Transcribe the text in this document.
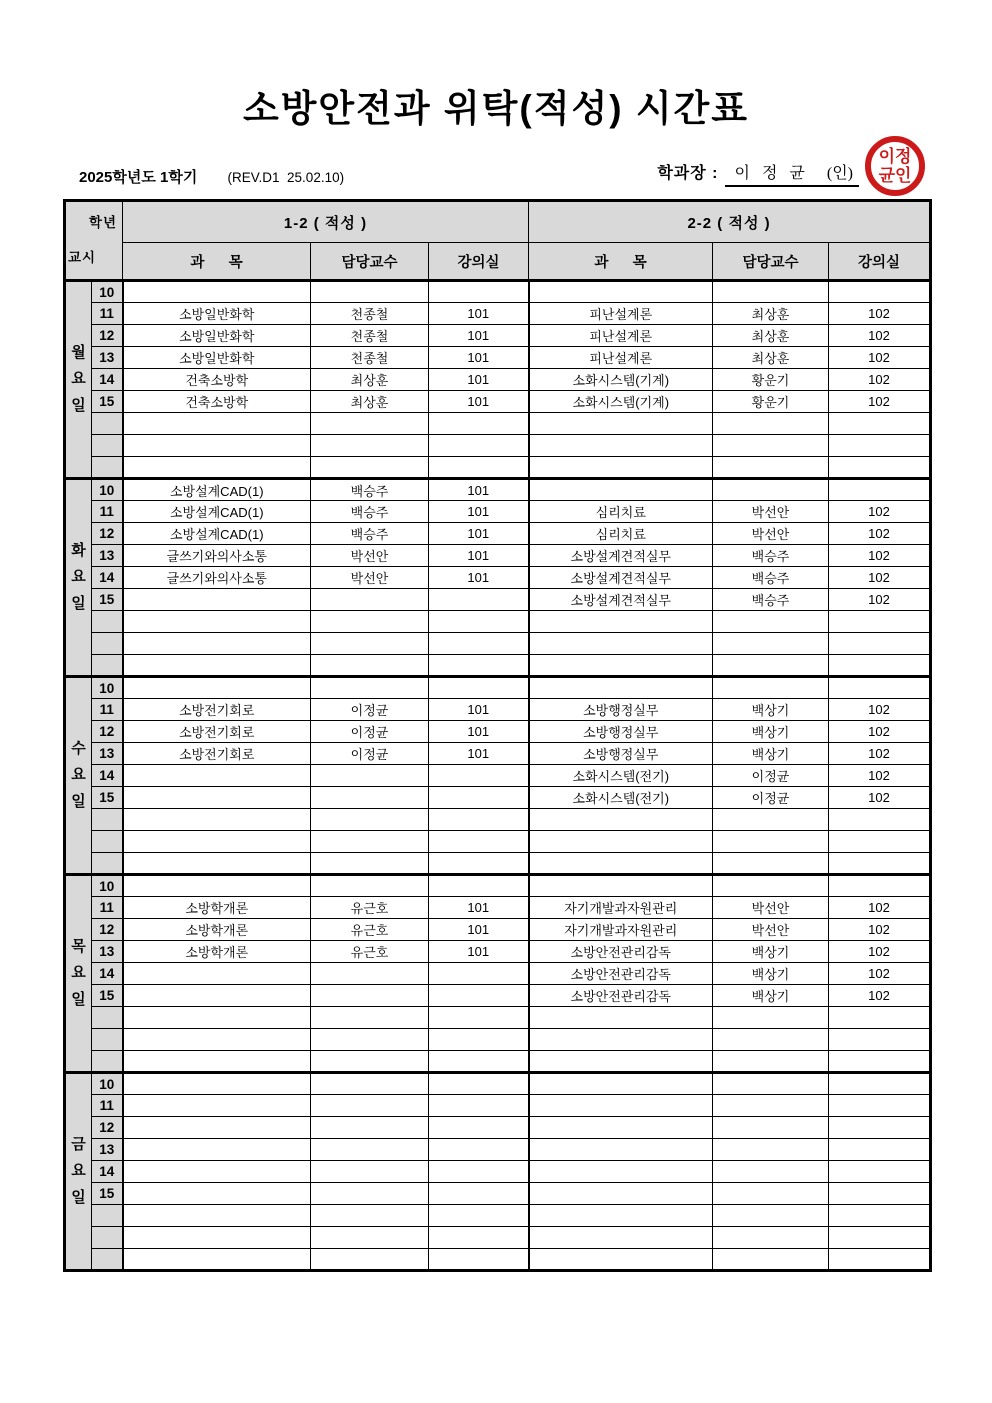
소방안전과 위탁(적성) 시간표
2025학년도 1학기 (REV.D1  25.02.10)	학과장 : 이 정 균 (인)
이정
균인
학년
교시		1-2 ( 적성 )			2-2 ( 적성 )		
		과      목	담당교수	강의실	과      목	담당교수	강의실

월
요
일	10						
	11	소방일반화학	천종철	101	피난설계론	최상훈	102
	12	소방일반화학	천종철	101	피난설계론	최상훈	102
	13	소방일반화학	천종철	101	피난설계론	최상훈	102
	14	건축소방학	최상훈	101	소화시스템(기계)	황운기	102
	15	건축소방학	최상훈	101	소화시스템(기계)	황운기	102

화
요
일	10	소방설계CAD(1)	백승주	101			
	11	소방설계CAD(1)	백승주	101	심리치료	박선안	102
	12	소방설계CAD(1)	백승주	101	심리치료	박선안	102
	13	글쓰기와의사소통	박선안	101	소방설계견적실무	백승주	102
	14	글쓰기와의사소통	박선안	101	소방설계견적실무	백승주	102
	15				소방설계견적실무	백승주	102

수
요
일	10						
	11	소방전기회로	이정균	101	소방행정실무	백상기	102
	12	소방전기회로	이정균	101	소방행정실무	백상기	102
	13	소방전기회로	이정균	101	소방행정실무	백상기	102
	14				소화시스템(전기)	이정균	102
	15				소화시스템(전기)	이정균	102

목
요
일	10						
	11	소방학개론	유근호	101	자기개발과자원관리	박선안	102
	12	소방학개론	유근호	101	자기개발과자원관리	박선안	102
	13	소방학개론	유근호	101	소방안전관리감독	백상기	102
	14				소방안전관리감독	백상기	102
	15				소방안전관리감독	백상기	102

금
요
일	10						
	11						
	12						
	13						
	14						
	15						
